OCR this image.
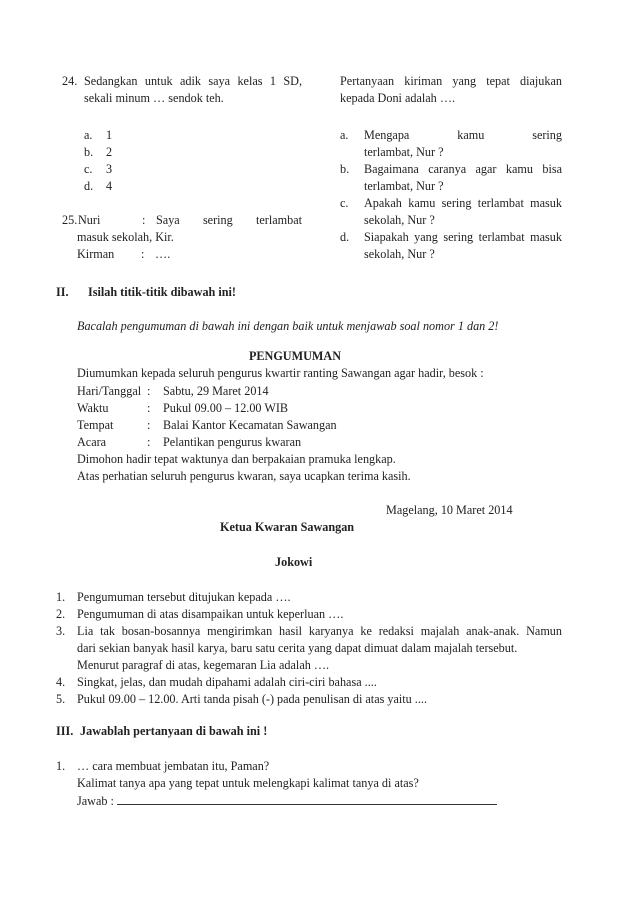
24. Sedangkan untuk adik saya kelas 1 SD,
sekali minum … sendok teh.
a. 1
b. 2
c. 3
d. 4
25. Nuri	: Saya sering terlambat
masuk sekolah, Kir.
Kirman : ….
Pertanyaan kiriman yang tepat diajukan
kepada Doni adalah ….
a.	Mengapa kamu sering
terlambat, Nur ?
b.	Bagaimana caranya agar kamu bisa
terlambat, Nur ?
c.	Apakah kamu sering terlambat masuk
sekolah, Nur ?
d.	Siapakah yang sering terlambat masuk
sekolah, Nur ?
II. Isilah titik-titik dibawah ini!
Bacalah pengumuman di bawah ini dengan baik untuk menjawab soal nomor 1 dan 2!
PENGUMUMAN
Diumumkan kepada seluruh pengurus kwartir ranting Sawangan agar hadir, besok :
Hari/Tanggal : Sabtu, 29 Maret 2014
Waktu	: Pukul 09.00 – 12.00 WIB
Tempat	: Balai Kantor Kecamatan Sawangan
Acara	: Pelantikan pengurus kwaran
Dimohon hadir tepat waktunya dan berpakaian pramuka lengkap.
Atas perhatian seluruh pengurus kwaran, saya ucapkan terima kasih.
Magelang, 10 Maret 2014
Ketua Kwaran Sawangan
Jokowi
1. Pengumuman tersebut ditujukan kepada ….
2. Pengumuman di atas disampaikan untuk keperluan ….
3. Lia tak bosan-bosannya mengirimkan hasil karyanya ke redaksi majalah anak-anak. Namun
dari sekian banyak hasil karya, baru satu cerita yang dapat dimuat dalam majalah tersebut.
Menurut paragraf di atas, kegemaran Lia adalah ….
4. Singkat, jelas, dan mudah dipahami adalah ciri-ciri bahasa ....
5. Pukul 09.00 – 12.00. Arti tanda pisah (-) pada penulisan di atas yaitu ....
III. Jawablah pertanyaan di bawah ini !
1. … cara membuat jembatan itu, Paman?
Kalimat tanya apa yang tepat untuk melengkapi kalimat tanya di atas?
Jawab :
